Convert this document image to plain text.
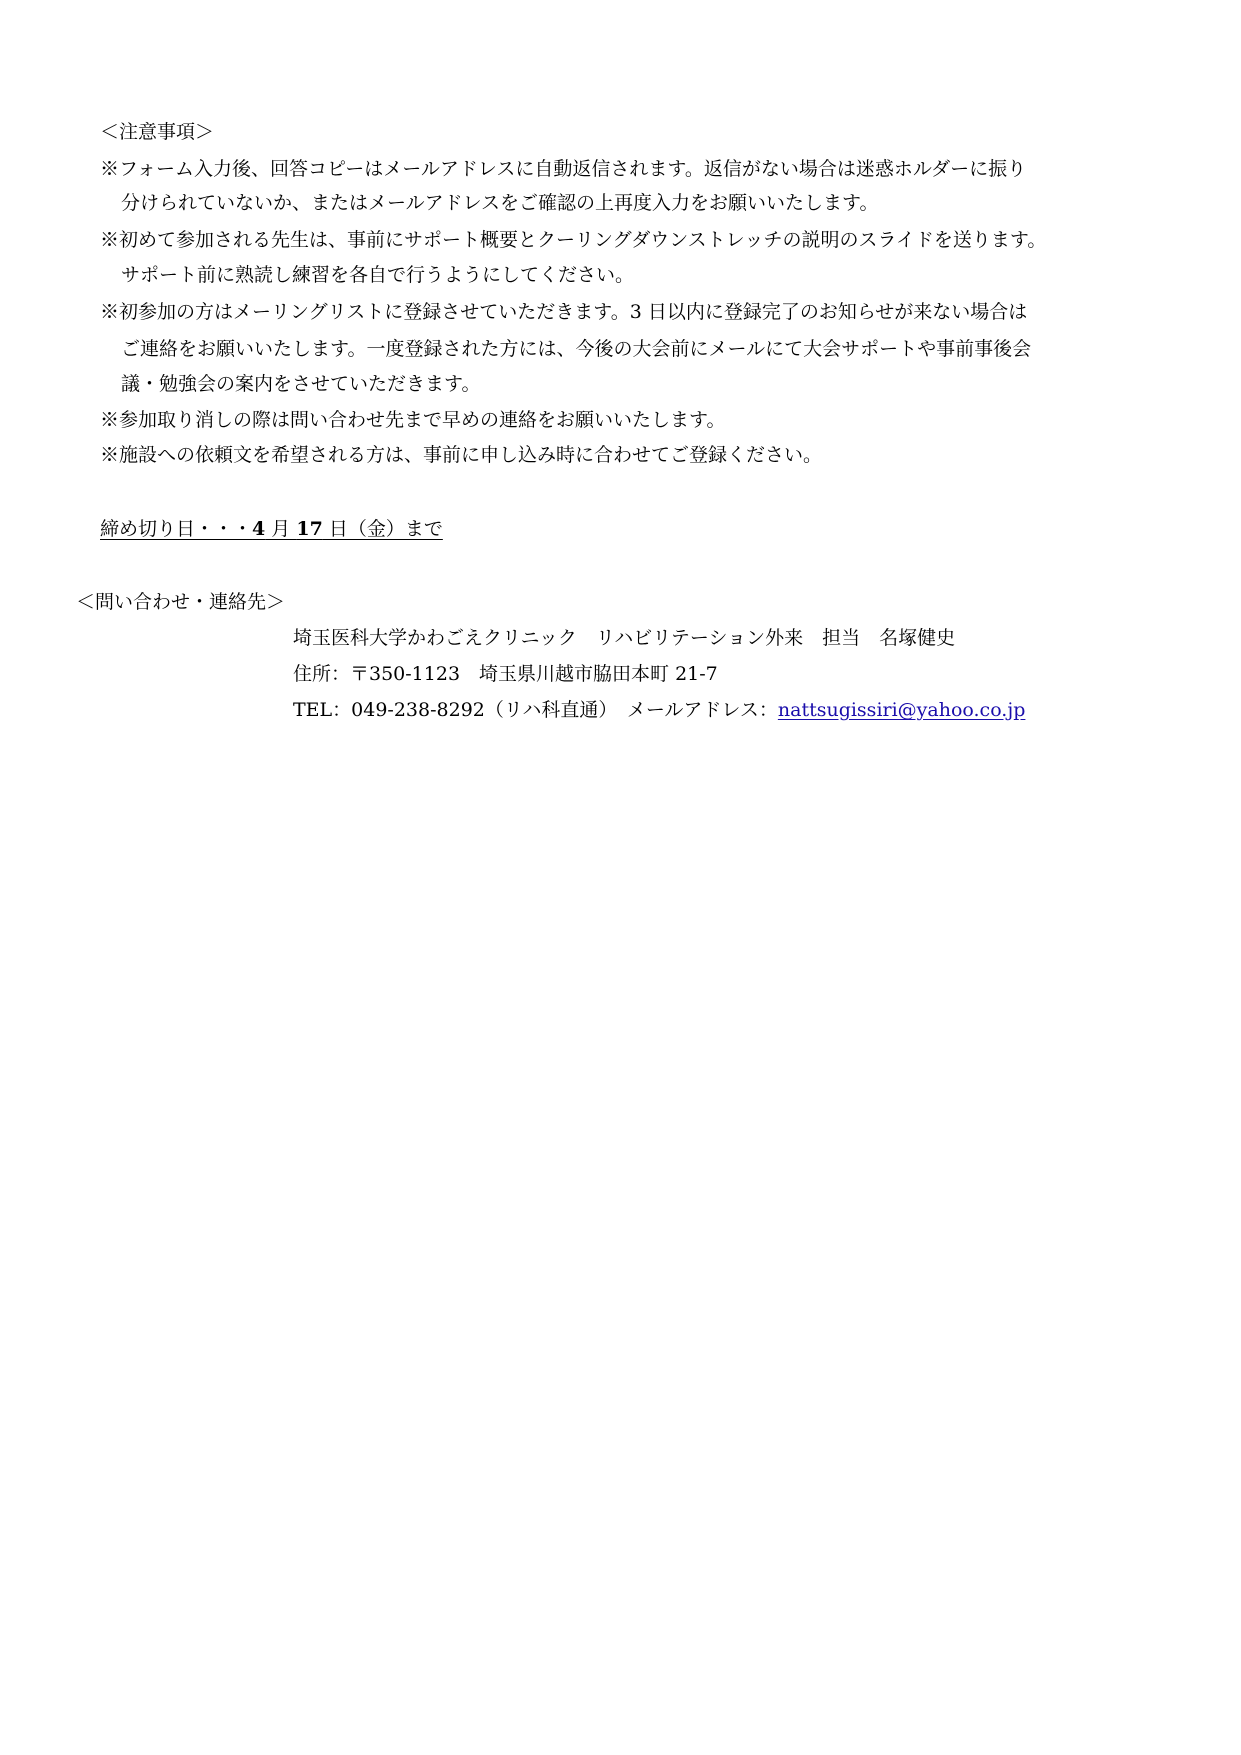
＜注意事項＞
※フォーム入力後、回答コピーはメールアドレスに自動返信されます。返信がない場合は迷惑ホルダーに振り
分けられていないか、またはメールアドレスをご確認の上再度入力をお願いいたします。
※初めて参加される先生は、事前にサポート概要とクーリングダウンストレッチの説明のスライドを送ります。
サポート前に熟読し練習を各自で行うようにしてください。
※初参加の方はメーリングリストに登録させていただきます。3 日以内に登録完了のお知らせが来ない場合は
ご連絡をお願いいたします。一度登録された方には、今後の大会前にメールにて大会サポートや事前事後会
議・勉強会の案内をさせていただきます。
※参加取り消しの際は問い合わせ先まで早めの連絡をお願いいたします。
※施設への依頼文を希望される方は、事前に申し込み時に合わせてご登録ください。
締め切り日・・・4 月 17 日（金）まで
＜問い合わせ・連絡先＞
埼玉医科大学かわごえクリニック　リハビリテーション外来　担当　名塚健史
住所：〒350-1123　埼玉県川越市脇田本町 21-7
TEL：049-238-8292（リハ科直通）　メールアドレス：nattsugissiri@yahoo.co.jp
